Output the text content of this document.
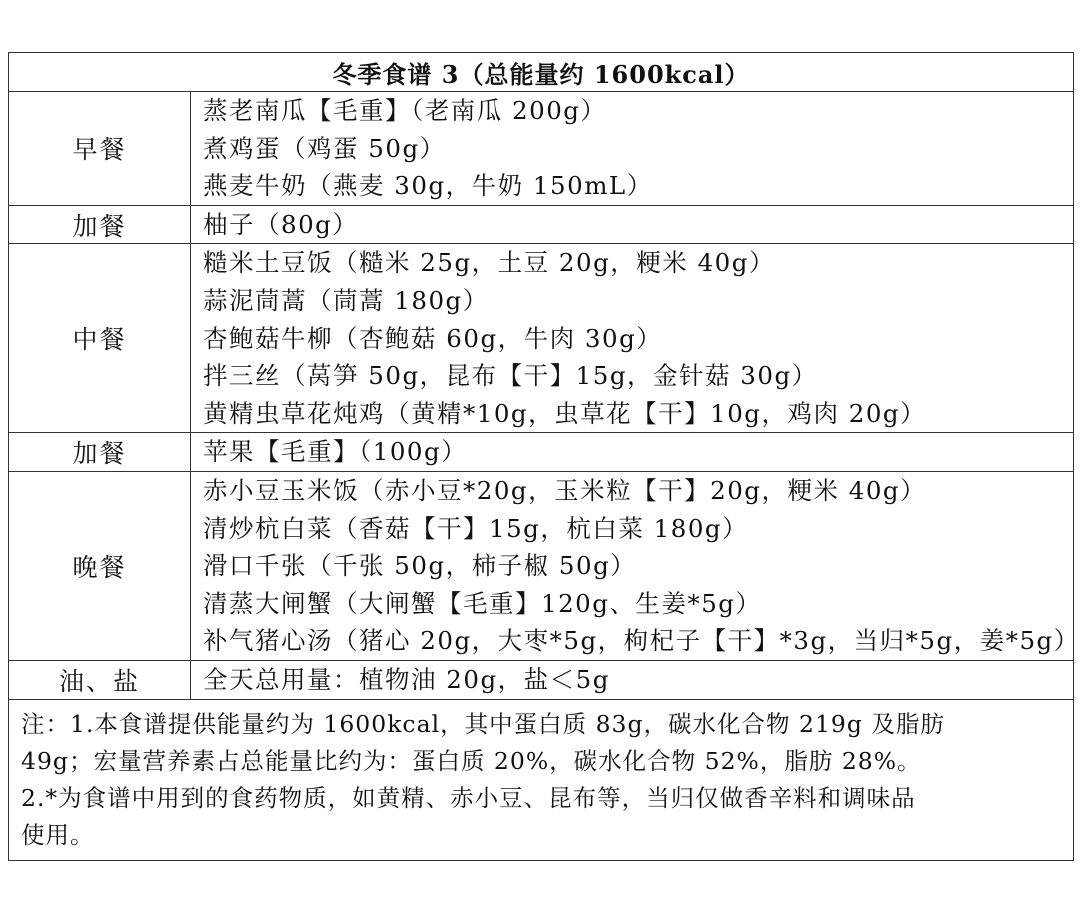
冬季食谱 3（总能量约 1600kcal）	
早餐	蒸老南瓜【毛重】（老南瓜 200g）
煮鸡蛋（鸡蛋 50g）
燕麦牛奶（燕麦 30g，牛奶 150mL）

加餐	柚子（80g）

中餐	糙米土豆饭（糙米 25g，土豆 20g，粳米 40g）
蒜泥茼蒿（茼蒿 180g）
杏鲍菇牛柳（杏鲍菇 60g，牛肉 30g）
拌三丝（莴笋 50g，昆布【干】15g，金针菇 30g）
黄精虫草花炖鸡（黄精*10g，虫草花【干】10g，鸡肉 20g）

加餐	苹果【毛重】（100g）

晚餐	赤小豆玉米饭（赤小豆*20g，玉米粒【干】20g，粳米 40g）
清炒杭白菜（香菇【干】15g，杭白菜 180g）
滑口千张（千张 50g，柿子椒 50g）
清蒸大闸蟹（大闸蟹【毛重】120g、生姜*5g）
补气猪心汤（猪心 20g，大枣*5g，枸杞子【干】*3g，当归*5g，姜*5g）

油、盐	全天总用量：植物油 20g，盐＜5g

注：1.本食谱提供能量约为 1600kcal，其中蛋白质 83g，碳水化合物 219g 及脂肪
49g；宏量营养素占总能量比约为：蛋白质 20%，碳水化合物 52%，脂肪 28%。
2.*为食谱中用到的食药物质，如黄精、赤小豆、昆布等，当归仅做香辛料和调味品
使用。	
